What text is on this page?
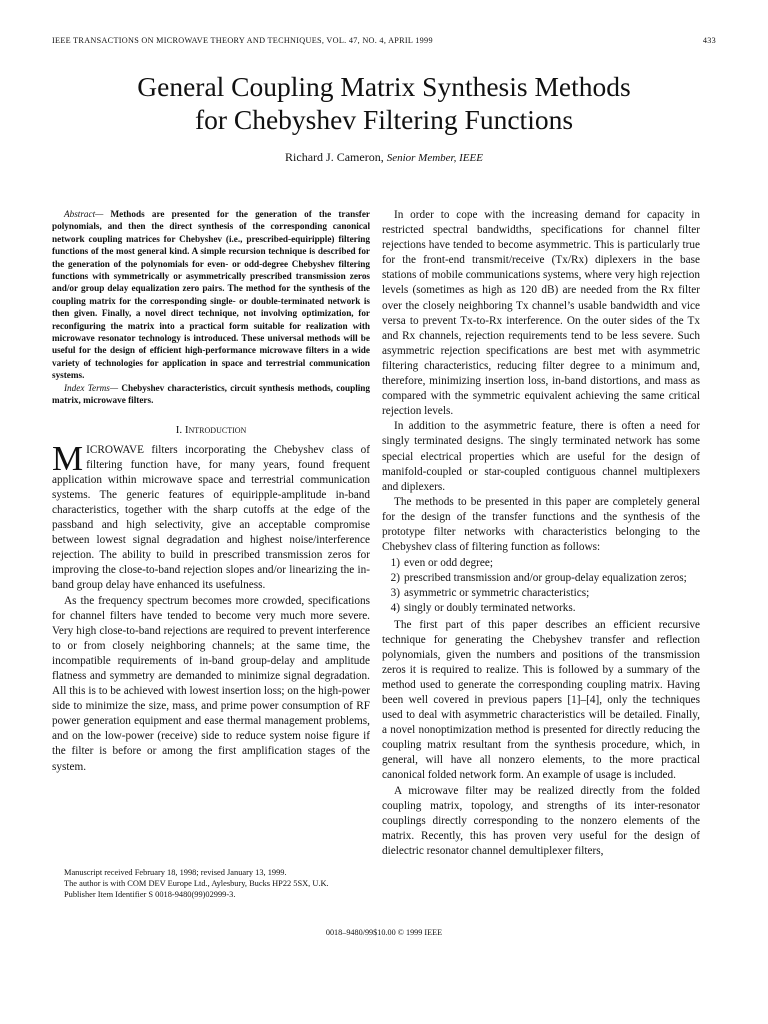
IEEE TRANSACTIONS ON MICROWAVE THEORY AND TECHNIQUES, VOL. 47, NO. 4, APRIL 1999	433
General Coupling Matrix Synthesis Methods
for Chebyshev Filtering Functions
Richard J. Cameron, Senior Member, IEEE

Abstract— Methods are presented for the generation of the transfer polynomials, and then the direct synthesis of the corresponding canonical network coupling matrices for Chebyshev (i.e., prescribed-equiripple) filtering functions of the most general kind. A simple recursion technique is described for the generation of the polynomials for even- or odd-degree Chebyshev filtering functions with symmetrically or asymmetrically prescribed transmission zeros and/or group delay equalization zero pairs. The method for the synthesis of the coupling matrix for the corresponding single- or double-terminated network is then given. Finally, a novel direct technique, not involving optimization, for reconfiguring the matrix into a practical form suitable for realization with microwave resonator technology is introduced. These universal methods will be useful for the design of efficient high-performance microwave filters in a wide variety of technologies for application in space and terrestrial communication systems.

Index Terms— Chebyshev characteristics, circuit synthesis methods, coupling matrix, microwave filters.

I. Introduction

MICROWAVE filters incorporating the Chebyshev class of filtering function have, for many years, found frequent application within microwave space and terrestrial communication systems. The generic features of equiripple-amplitude in-band characteristics, together with the sharp cutoffs at the edge of the passband and high selectivity, give an acceptable compromise between lowest signal degradation and highest noise/interference rejection. The ability to build in prescribed transmission zeros for improving the close-to-band rejection slopes and/or linearizing the in-band group delay have enhanced its usefulness.

As the frequency spectrum becomes more crowded, specifications for channel filters have tended to become very much more severe. Very high close-to-band rejections are required to prevent interference to or from closely neighboring channels; at the same time, the incompatible requirements of in-band group-delay and amplitude flatness and symmetry are demanded to minimize signal degradation. All this is to be achieved with lowest insertion loss; on the high-power side to minimize the size, mass, and prime power consumption of RF power generation equipment and ease thermal management problems, and on the low-power (receive) side to reduce system noise figure if the filter is before or among the first amplification stages of the system.

Manuscript received February 18, 1998; revised January 13, 1999.

The author is with COM DEV Europe Ltd., Aylesbury, Bucks HP22 5SX, U.K.

Publisher Item Identifier S 0018-9480(99)02999-3.

In order to cope with the increasing demand for capacity in restricted spectral bandwidths, specifications for channel filter rejections have tended to become asymmetric. This is particularly true for the front-end transmit/receive (Tx/Rx) diplexers in the base stations of mobile communications systems, where very high rejection levels (sometimes as high as 120 dB) are needed from the Rx filter over the closely neighboring Tx channel’s usable bandwidth and vice versa to prevent Tx-to-Rx interference. On the outer sides of the Tx and Rx channels, rejection requirements tend to be less severe. Such asymmetric rejection specifications are best met with asymmetric filtering characteristics, reducing filter degree to a minimum and, therefore, minimizing insertion loss, in-band distortions, and mass as compared with the symmetric equivalent achieving the same critical rejection levels.

In addition to the asymmetric feature, there is often a need for singly terminated designs. The singly terminated network has some special electrical properties which are useful for the design of manifold-coupled or star-coupled contiguous channel multiplexers and diplexers.

The methods to be presented in this paper are completely general for the design of the transfer functions and the synthesis of the prototype filter networks with characteristics belonging to the Chebyshev class of filtering function as follows:

1) even or odd degree;
2) prescribed transmission and/or group-delay equalization zeros;
3) asymmetric or symmetric characteristics;
4) singly or doubly terminated networks.

The first part of this paper describes an efficient recursive technique for generating the Chebyshev transfer and reflection polynomials, given the numbers and positions of the transmission zeros it is required to realize. This is followed by a summary of the method used to generate the corresponding coupling matrix. Having been well covered in previous papers [1]–[4], only the techniques used to deal with asymmetric characteristics will be detailed. Finally, a novel nonoptimization method is presented for directly reducing the coupling matrix resultant from the synthesis procedure, which, in general, will have all nonzero elements, to the more practical canonical folded network form. An example of usage is included.

A microwave filter may be realized directly from the folded coupling matrix, topology, and strengths of its inter-resonator couplings directly corresponding to the nonzero elements of the matrix. Recently, this has proven very useful for the design of dielectric resonator channel demultiplexer filters,

0018–9480/99$10.00 © 1999 IEEE
